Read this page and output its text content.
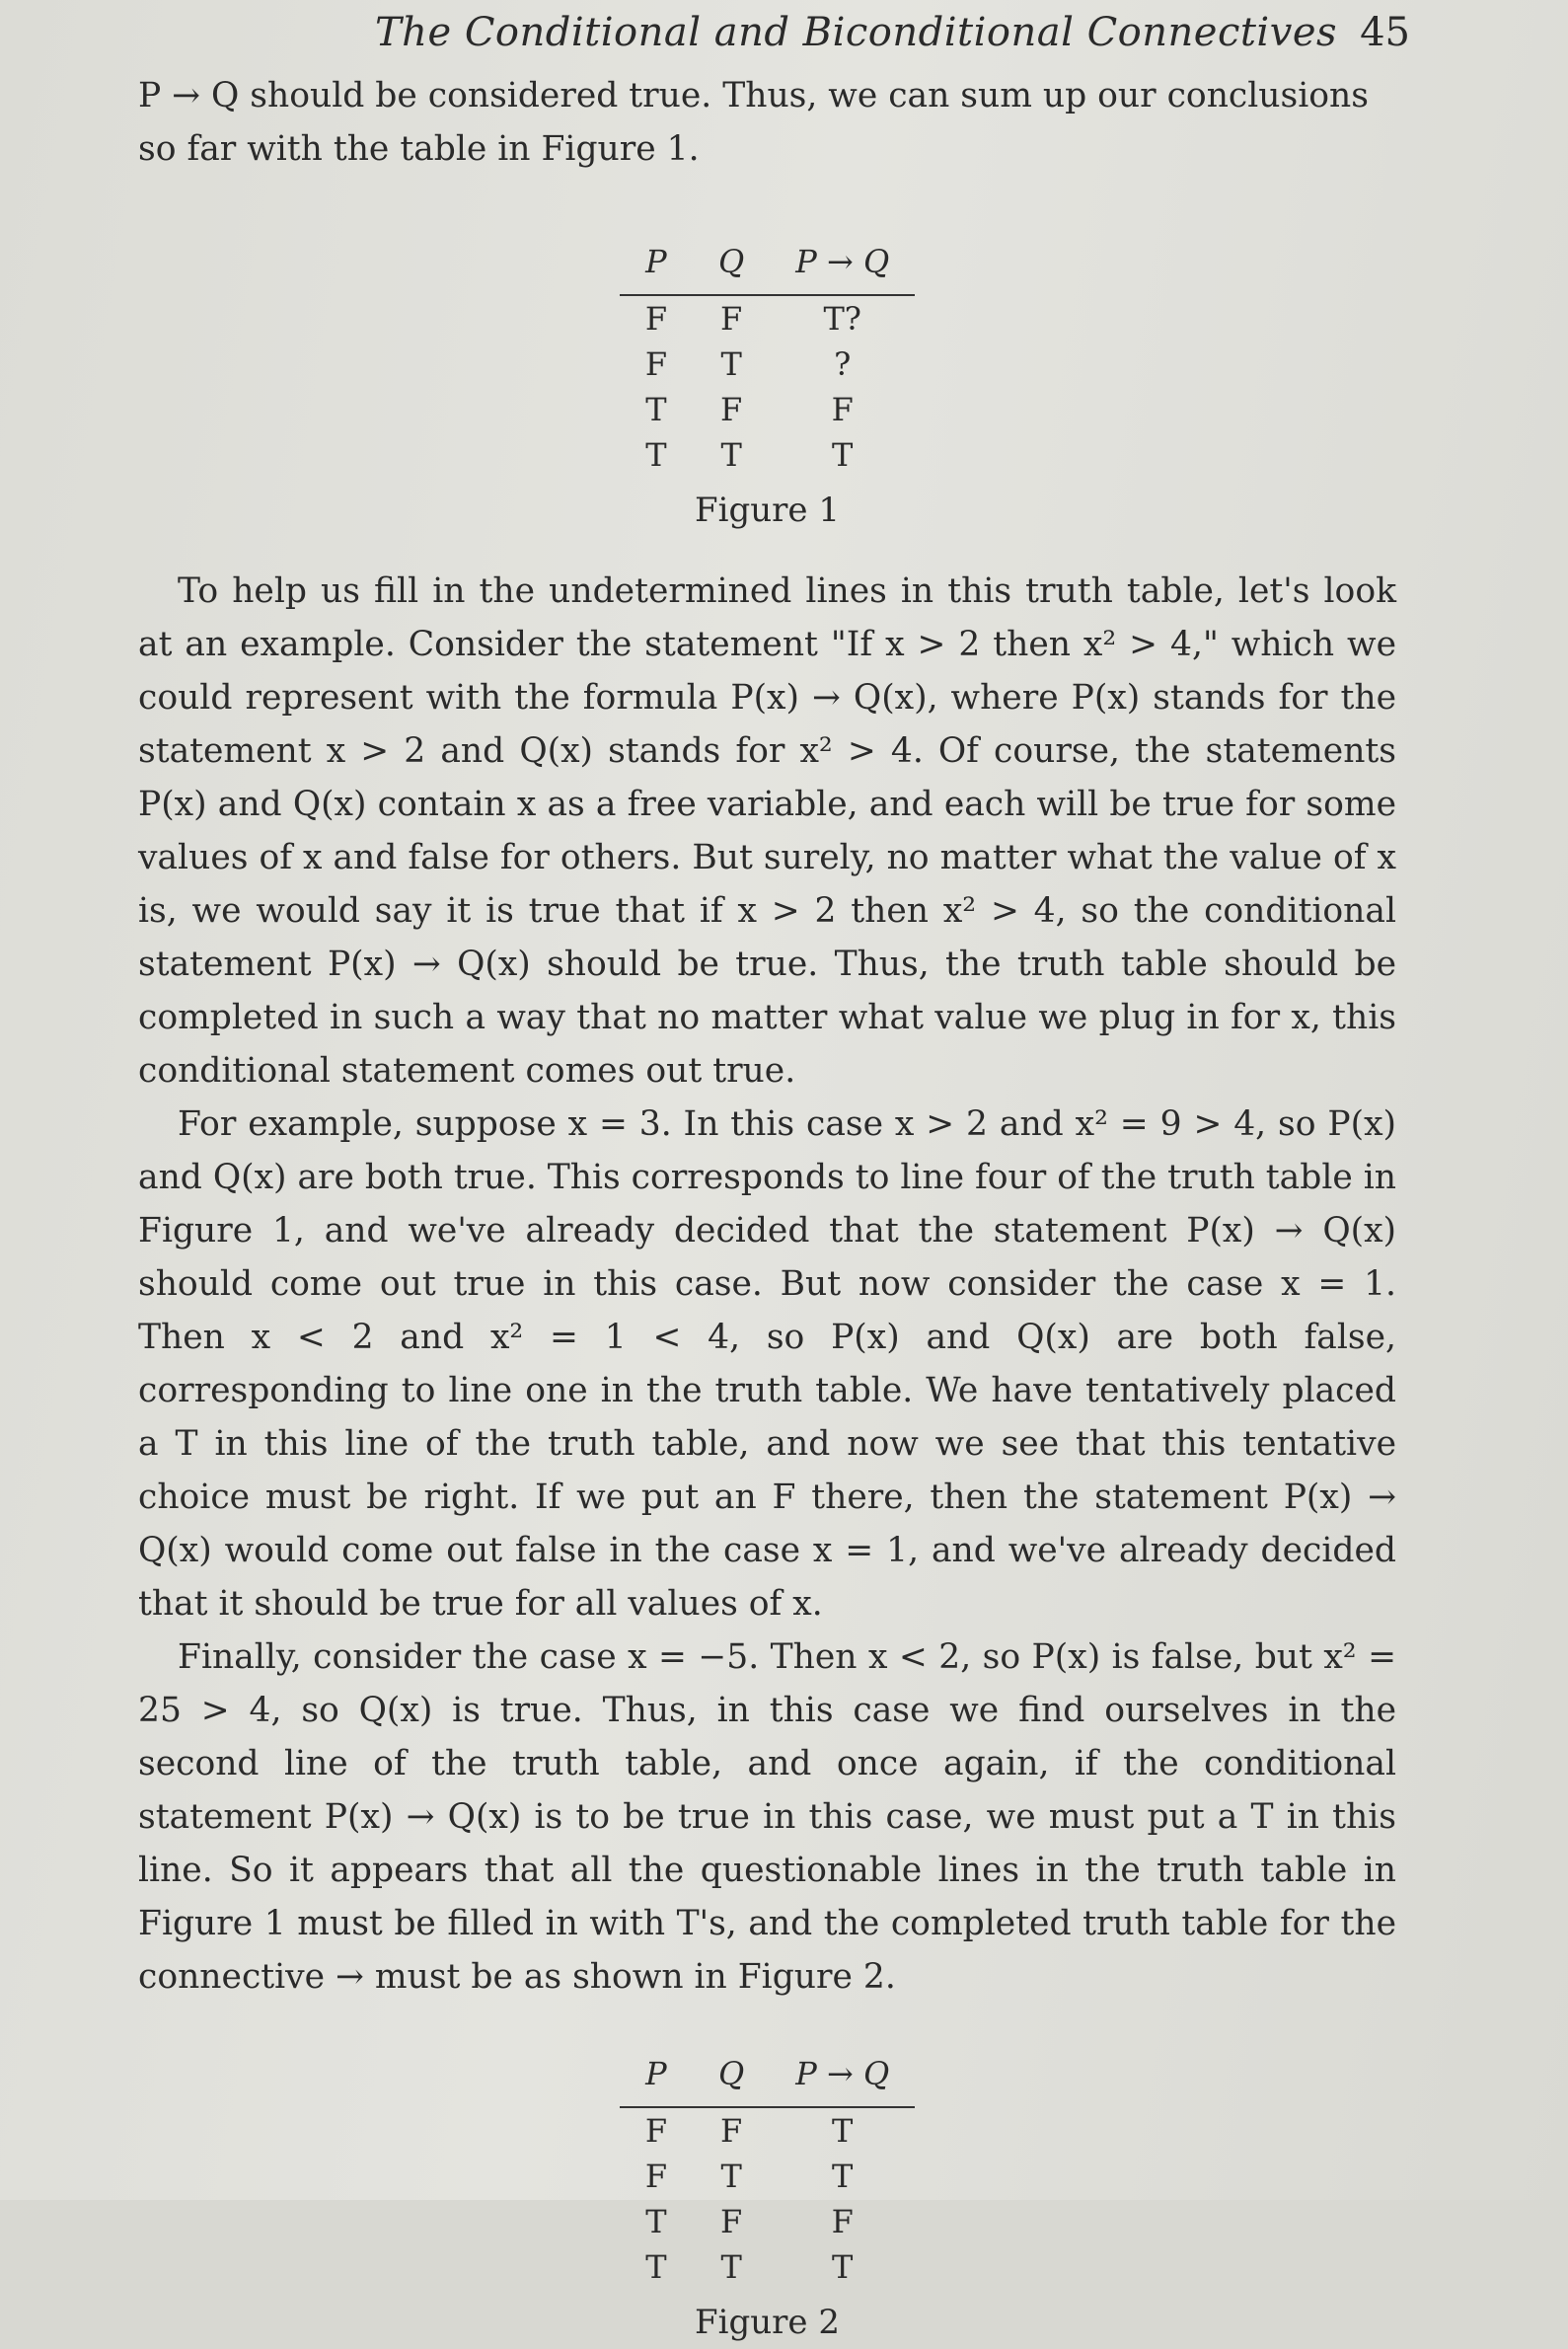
The Conditional and Biconditional Connectives 45

P → Q should be considered true. Thus, we can sum up our conclusions so far with the table in Figure 1.

P	Q	P → Q
F	F	T?
F	T	?
T	F	F
T	T	T

Figure 1

To help us fill in the undetermined lines in this truth table, let's look at an example. Consider the statement "If x > 2 then x² > 4," which we could represent with the formula P(x) → Q(x), where P(x) stands for the statement x > 2 and Q(x) stands for x² > 4. Of course, the statements P(x) and Q(x) contain x as a free variable, and each will be true for some values of x and false for others. But surely, no matter what the value of x is, we would say it is true that if x > 2 then x² > 4, so the conditional statement P(x) → Q(x) should be true. Thus, the truth table should be completed in such a way that no matter what value we plug in for x, this conditional statement comes out true.

For example, suppose x = 3. In this case x > 2 and x² = 9 > 4, so P(x) and Q(x) are both true. This corresponds to line four of the truth table in Figure 1, and we've already decided that the statement P(x) → Q(x) should come out true in this case. But now consider the case x = 1. Then x < 2 and x² = 1 < 4, so P(x) and Q(x) are both false, corresponding to line one in the truth table. We have tentatively placed a T in this line of the truth table, and now we see that this tentative choice must be right. If we put an F there, then the statement P(x) → Q(x) would come out false in the case x = 1, and we've already decided that it should be true for all values of x.

Finally, consider the case x = −5. Then x < 2, so P(x) is false, but x² = 25 > 4, so Q(x) is true. Thus, in this case we find ourselves in the second line of the truth table, and once again, if the conditional statement P(x) → Q(x) is to be true in this case, we must put a T in this line. So it appears that all the questionable lines in the truth table in Figure 1 must be filled in with T's, and the completed truth table for the connective → must be as shown in Figure 2.

P	Q	P → Q
F	F	T
F	T	T
T	F	F
T	T	T

Figure 2
